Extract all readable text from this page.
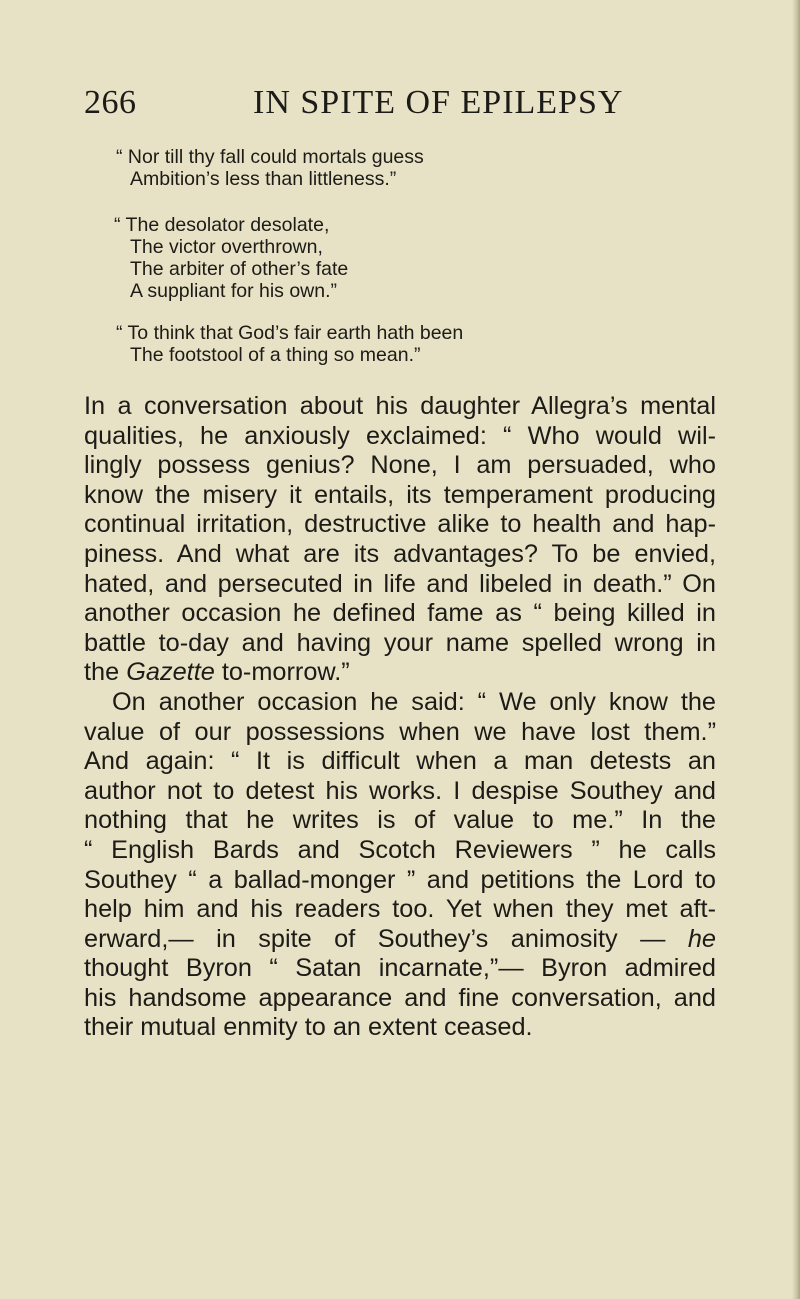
266	IN SPITE OF EPILEPSY
“ Nor till thy fall could mortals guess
Ambition’s less than littleness.”
“ The desolator desolate,
The victor overthrown,
The arbiter of other’s fate
A suppliant for his own.”
“ To think that God’s fair earth hath been
The footstool of a thing so mean.”
In a conversation about his daughter Allegra’s mental
qualities, he anxiously exclaimed: “ Who would wil-
lingly possess genius? None, I am persuaded, who
know the misery it entails, its temperament producing
continual irritation, destructive alike to health and hap-
piness. And what are its advantages? To be envied,
hated, and persecuted in life and libeled in death.” On
another occasion he defined fame as “ being killed in
battle to-day and having your name spelled wrong in
the Gazette to-morrow.”
On another occasion he said: “ We only know the
value of our possessions when we have lost them.”
And again: “ It is difficult when a man detests an
author not to detest his works. I despise Southey and
nothing that he writes is of value to me.” In the
“ English Bards and Scotch Reviewers ” he calls
Southey “ a ballad-monger ” and petitions the Lord to
help him and his readers too. Yet when they met aft-
erward,— in spite of Southey’s animosity — he
thought Byron “ Satan incarnate,”— Byron admired
his handsome appearance and fine conversation, and
their mutual enmity to an extent ceased.
